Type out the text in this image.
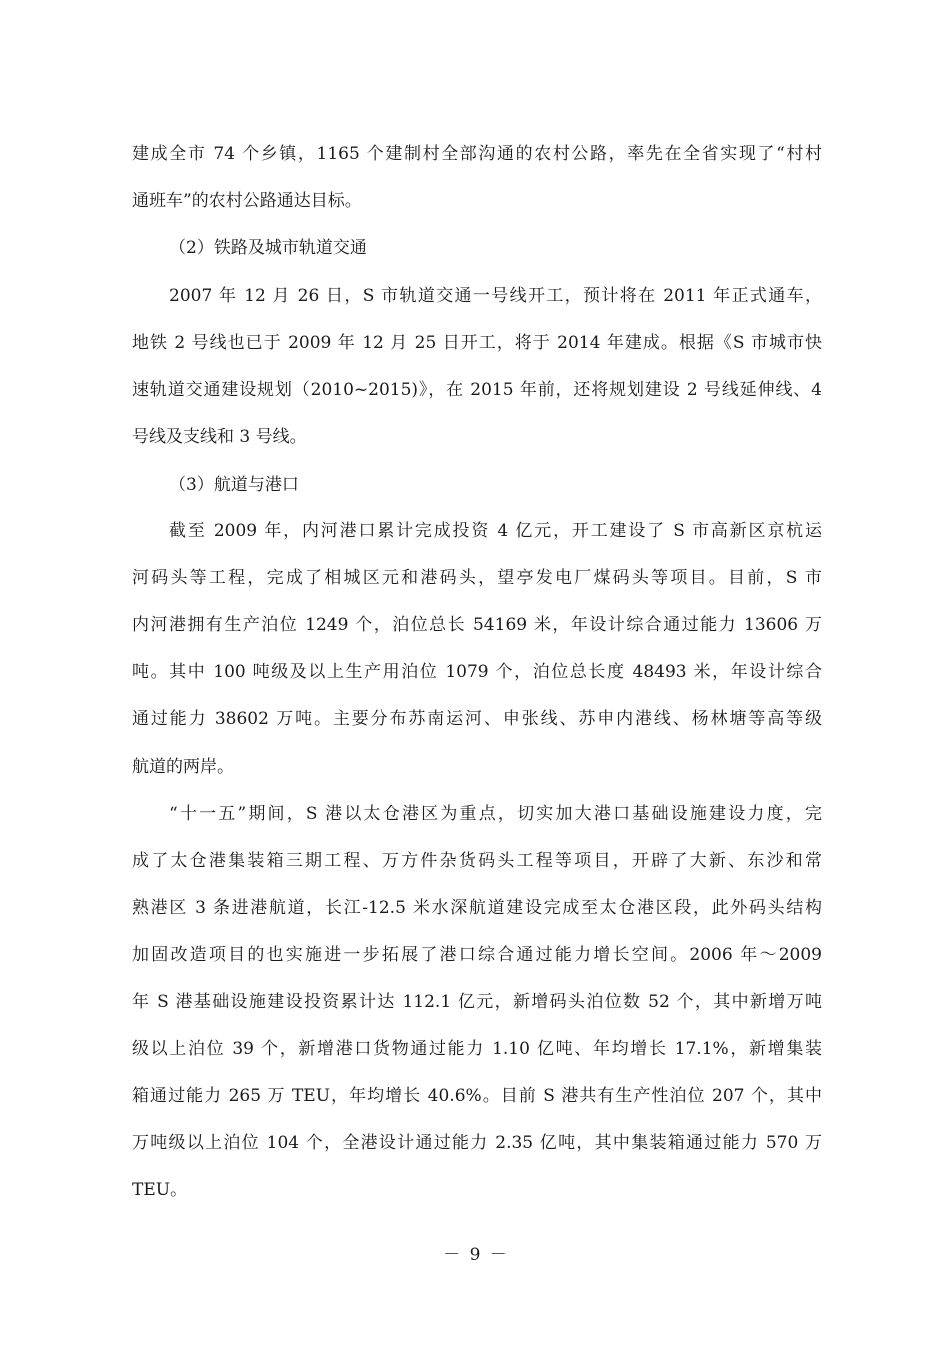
建成全市 74 个乡镇，1165 个建制村全部沟通的农村公路，率先在全省实现了“村村
通班车”的农村公路通达目标。
（2）铁路及城市轨道交通
2007 年 12 月 26 日，S 市轨道交通一号线开工，预计将在 2011 年正式通车，
地铁 2 号线也已于 2009 年 12 月 25 日开工，将于 2014 年建成。根据《S 市城市快
速轨道交通建设规划（2010~2015)》，在 2015 年前，还将规划建设 2 号线延伸线、4
号线及支线和 3 号线。
（3）航道与港口
截至 2009 年，内河港口累计完成投资 4 亿元，开工建设了 S 市高新区京杭运
河码头等工程，完成了相城区元和港码头，望亭发电厂煤码头等项目。目前，S 市
内河港拥有生产泊位 1249 个，泊位总长 54169 米，年设计综合通过能力 13606 万
吨。其中 100 吨级及以上生产用泊位 1079 个，泊位总长度 48493 米，年设计综合
通过能力 38602 万吨。主要分布苏南运河、申张线、苏申内港线、杨林塘等高等级
航道的两岸。
“十一五”期间，S 港以太仓港区为重点，切实加大港口基础设施建设力度，完
成了太仓港集装箱三期工程、万方件杂货码头工程等项目，开辟了大新、东沙和常
熟港区 3 条进港航道，长江-12.5 米水深航道建设完成至太仓港区段，此外码头结构
加固改造项目的也实施进一步拓展了港口综合通过能力增长空间。2006 年～2009
年 S 港基础设施建设投资累计达 112.1 亿元，新增码头泊位数 52 个，其中新增万吨
级以上泊位 39 个，新增港口货物通过能力 1.10 亿吨、年均增长 17.1%，新增集装
箱通过能力 265 万 TEU，年均增长 40.6%。目前 S 港共有生产性泊位 207 个，其中
万吨级以上泊位 104 个，全港设计通过能力 2.35 亿吨，其中集装箱通过能力 570 万
TEU。
－ 9 －
